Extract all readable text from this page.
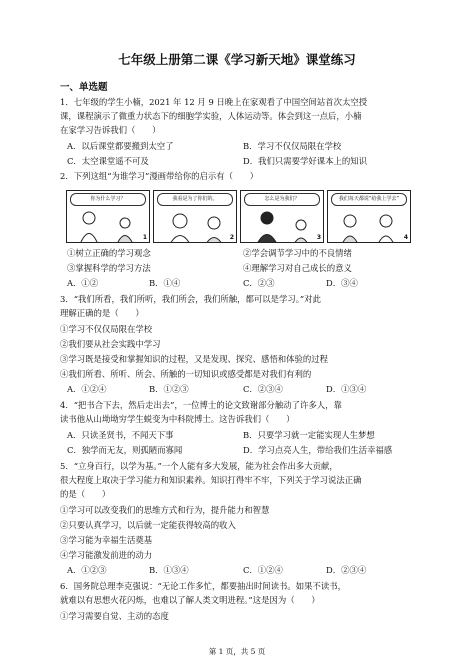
七年级上册第二课《学习新天地》课堂练习
一、单选题
1．七年级的学生小楠，2021 年 12 月 9 日晚上在家观看了中国空间站首次太空授
课，课程演示了微重力状态下的细胞学实验，人体运动等。体会到这一点后，小楠
在家学习告诉我们（　　）
A．以后课堂都要搬到太空了	B．学习不仅仅局限在学校
C．太空课堂遥不可及	D．我们只需要学好课本上的知识
2．下列这组“为谁学习”漫画带给你的启示有（　　）
你为什么学习？
1
我看是为了你们的。
2
怎么是为我们？
3
我们每天都说“给我上学去”
4
①树立正确的学习观念	②学会调节学习中的不良情绪
③掌握科学的学习方法	④理解学习对自己成长的意义
A．①②	B．①④	C．②③	D．③④
3．“我们所看，我们所听，我们所会，我们所触，都可以是学习。”对此
理解正确的是（　　）
①学习不仅仅局限在学校
②我们要从社会实践中学习
③学习既是接受和掌握知识的过程，又是发现、探究、感悟和体验的过程
④我们所看、所听、所会、所触的一切知识或感受都是对我们有利的
A．①②④	B．①②③	C．②③④	D．①③④
4．“把书合下去，然后走出去”，一位博士的论文致谢部分触动了许多人，靠
读书他从山坳坳穷学生蜕变为中科院博士。这告诉我们（　　）
A．只读圣贤书，不闻天下事	B．只要学习就一定能实现人生梦想
C．独学而无友，则孤陋而寡闻	D．学习点亮人生，带给我们生活幸福感
5．“立身百行，以学为基。”一个人能有多大发展，能为社会作出多大贡献，
很大程度上取决于学习能力和知识素养。知识打得牢不牢，下列关于学习说法正确
的是（　　）
①学习可以改变我们的思维方式和行为，提升能力和智慧
②只要认真学习，以后就一定能获得较高的收入
③学习能为幸福生活奠基
④学习能激发前进的动力
A．①②③	B．①③④	C．①②④	D．②③④
6．国务院总理李克强说：“无论工作多忙，都要抽出时间读书。如果不读书，
就难以有思想火花闪烁，也难以了解人类文明进程。”这是因为（　　）
①学习需要自觉、主动的态度
第 1 页，共 5 页
